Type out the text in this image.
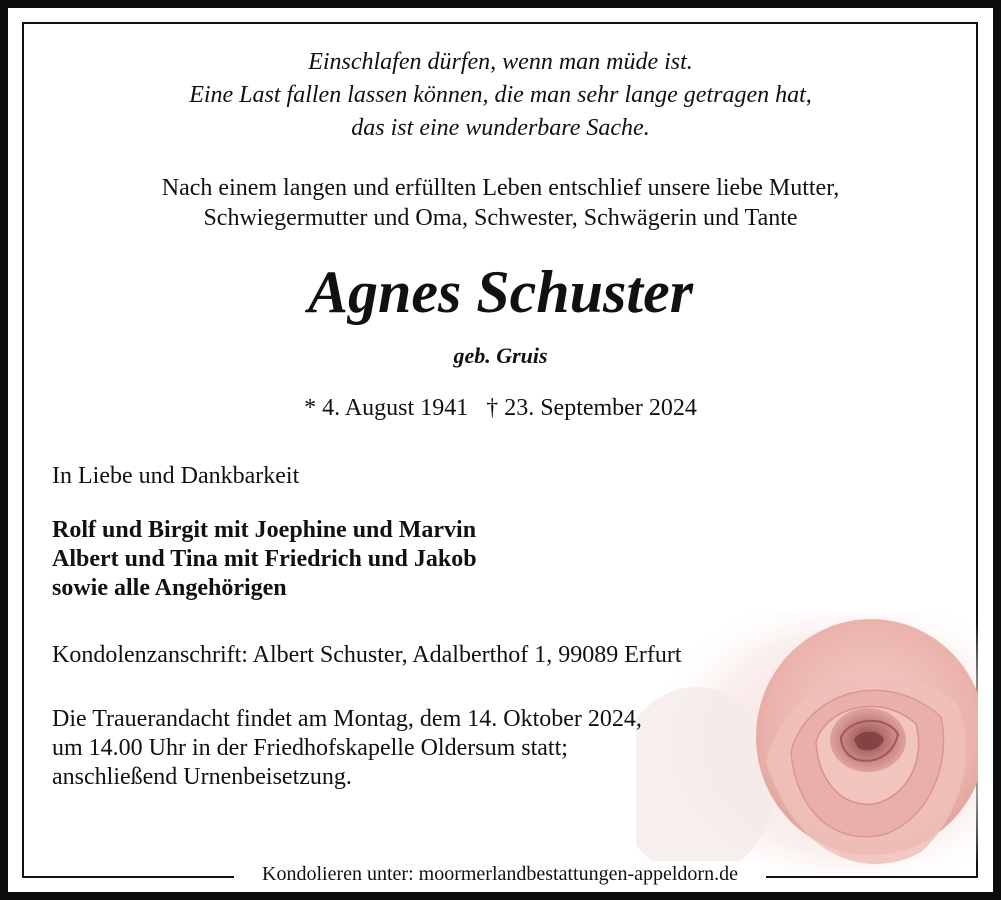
Einschlafen dürfen, wenn man müde ist.
Eine Last fallen lassen können, die man sehr lange getragen hat,
das ist eine wunderbare Sache.
Nach einem langen und erfüllten Leben entschlief unsere liebe Mutter,
Schwiegermutter und Oma, Schwester, Schwägerin und Tante
Agnes Schuster
geb. Gruis
* 4. August 1941   † 23. September 2024
In Liebe und Dankbarkeit
Rolf und Birgit mit Joephine und Marvin
Albert und Tina mit Friedrich und Jakob
sowie alle Angehörigen
Kondolenzanschrift: Albert Schuster, Adalberthof 1, 99089 Erfurt
Die Trauerandacht findet am Montag, dem 14. Oktober 2024,
um 14.00 Uhr in der Friedhofskapelle Oldersum statt;
anschließend Urnenbeisetzung.
Kondolieren unter: moormerlandbestattungen-appeldorn.de
